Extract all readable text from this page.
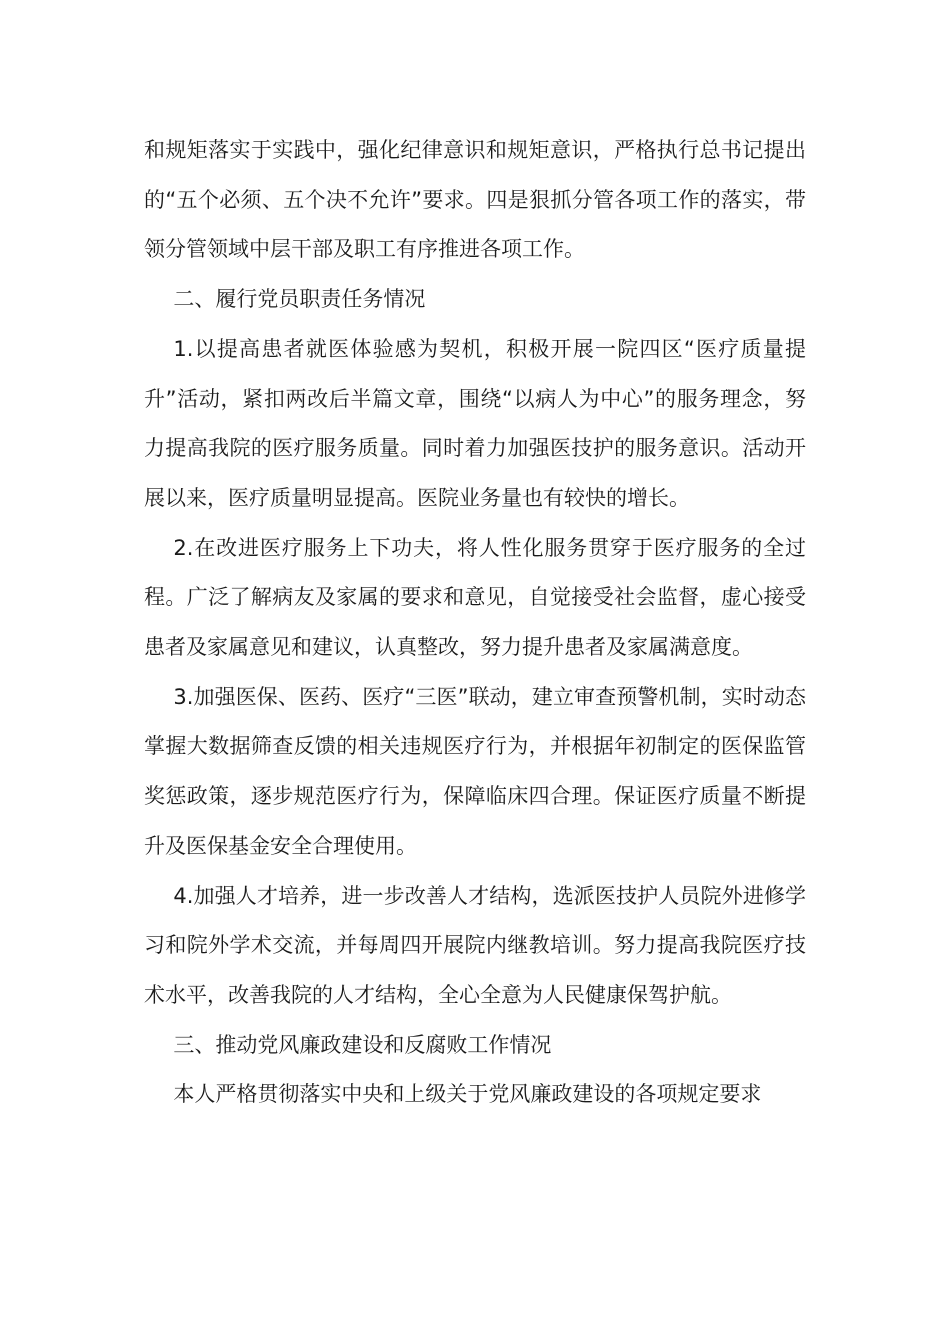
和规矩落实于实践中，强化纪律意识和规矩意识，严格执行总书记提出的“五个必须、五个决不允许”要求。四是狠抓分管各项工作的落实，带领分管领域中层干部及职工有序推进各项工作。

二、履行党员职责任务情况

1.以提高患者就医体验感为契机，积极开展一院四区“医疗质量提升”活动，紧扣两改后半篇文章，围绕“以病人为中心”的服务理念，努力提高我院的医疗服务质量。同时着力加强医技护的服务意识。活动开展以来，医疗质量明显提高。医院业务量也有较快的增长。

2.在改进医疗服务上下功夫，将人性化服务贯穿于医疗服务的全过程。广泛了解病友及家属的要求和意见，自觉接受社会监督，虚心接受患者及家属意见和建议，认真整改，努力提升患者及家属满意度。

3.加强医保、医药、医疗“三医”联动，建立审查预警机制，实时动态掌握大数据筛查反馈的相关违规医疗行为，并根据年初制定的医保监管奖惩政策，逐步规范医疗行为，保障临床四合理。保证医疗质量不断提升及医保基金安全合理使用。

4.加强人才培养，进一步改善人才结构，选派医技护人员院外进修学习和院外学术交流，并每周四开展院内继教培训。努力提高我院医疗技术水平，改善我院的人才结构，全心全意为人民健康保驾护航。

三、推动党风廉政建设和反腐败工作情况

本人严格贯彻落实中央和上级关于党风廉政建设的各项规定要求
